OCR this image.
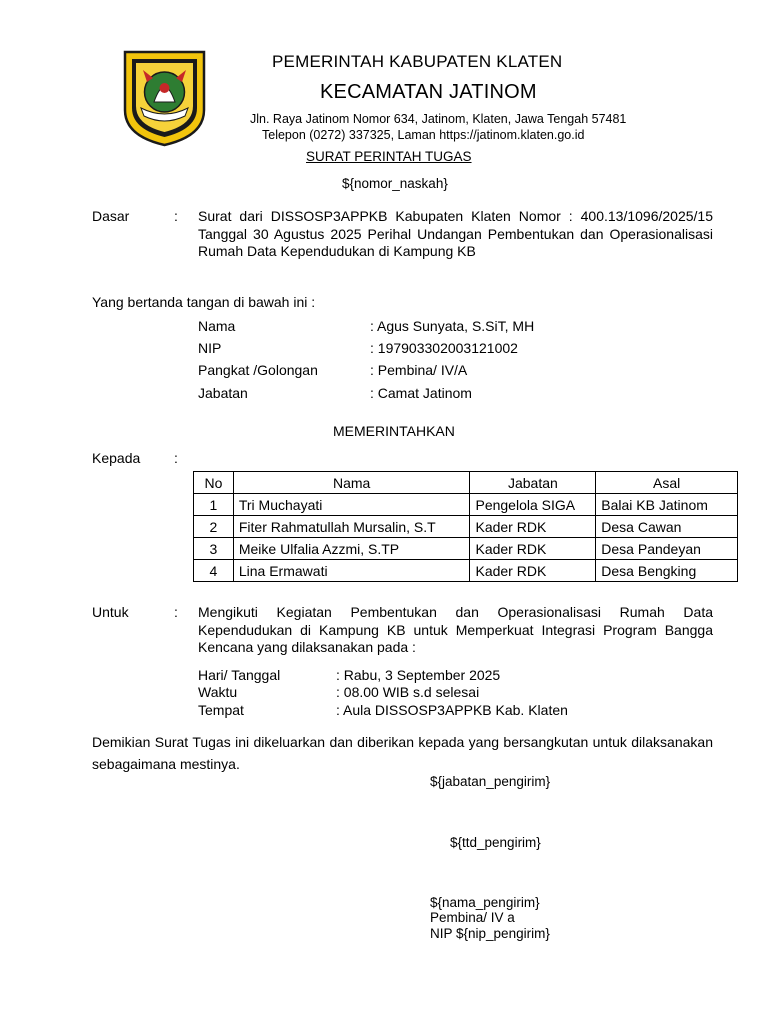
PEMERINTAH KABUPATEN KLATEN
KECAMATAN JATINOM
Jln. Raya Jatinom Nomor 634, Jatinom, Klaten, Jawa Tengah 57481
Telepon (0272) 337325, Laman https://jatinom.klaten.go.id
SURAT PERINTAH TUGAS
${nomor_naskah}
Dasar	: Surat dari DISSOSP3APPKB Kabupaten Klaten Nomor : 400.13/1096/2025/15 Tanggal 30 Agustus 2025 Perihal Undangan Pembentukan dan Operasionalisasi Rumah Data Kependudukan di Kampung KB
Yang bertanda tangan di bawah ini :
Nama	: Agus Sunyata, S.SiT, MH
NIP	: 197903302003121002
Pangkat /Golongan	: Pembina/ IV/A
Jabatan	: Camat Jatinom
MEMERINTAHKAN
Kepada :
No	Nama	Jabatan	Asal
1	Tri Muchayati	Pengelola SIGA	Balai KB Jatinom
2	Fiter Rahmatullah Mursalin, S.T	Kader RDK	Desa Cawan
3	Meike Ulfalia Azzmi, S.TP	Kader RDK	Desa Pandeyan
4	Lina Ermawati	Kader RDK	Desa Bengking
Untuk	: Mengikuti Kegiatan Pembentukan dan Operasionalisasi Rumah Data Kependudukan di Kampung KB untuk Memperkuat Integrasi Program Bangga Kencana yang dilaksanakan pada :
Hari/ Tanggal	: Rabu, 3 September 2025
Waktu	: 08.00 WIB s.d selesai
Tempat	: Aula DISSOSP3APPKB Kab. Klaten
Demikian Surat Tugas ini dikeluarkan dan diberikan kepada yang bersangkutan untuk dilaksanakan sebagaimana mestinya.
${jabatan_pengirim}
${ttd_pengirim}
${nama_pengirim}
Pembina/ IV a
NIP ${nip_pengirim}
